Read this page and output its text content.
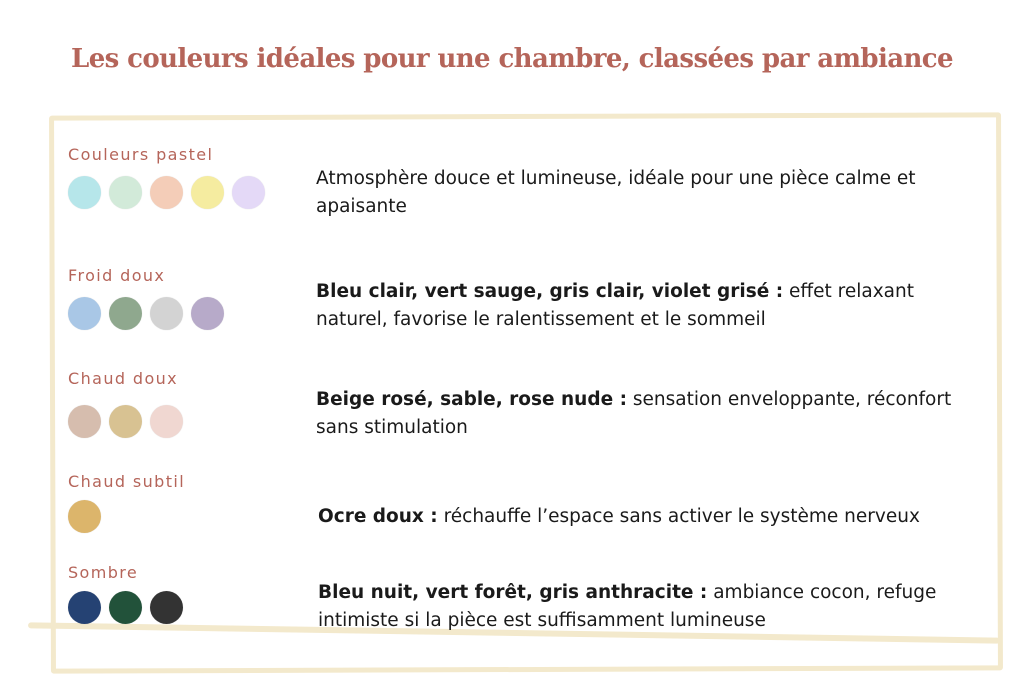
Les couleurs idéales pour une chambre, classées par ambiance
Couleurs pastel
Atmosphère douce et lumineuse, idéale pour une pièce calme et apaisante
Froid doux
Bleu clair, vert sauge, gris clair, violet grisé : effet relaxant naturel, favorise le ralentissement et le sommeil
Chaud doux
Beige rosé, sable, rose nude : sensation enveloppante, réconfort sans stimulation
Chaud subtil
Ocre doux : réchauffe l’espace sans activer le système nerveux
Sombre
Bleu nuit, vert forêt, gris anthracite : ambiance cocon, refuge intimiste si la pièce est suffisamment lumineuse
